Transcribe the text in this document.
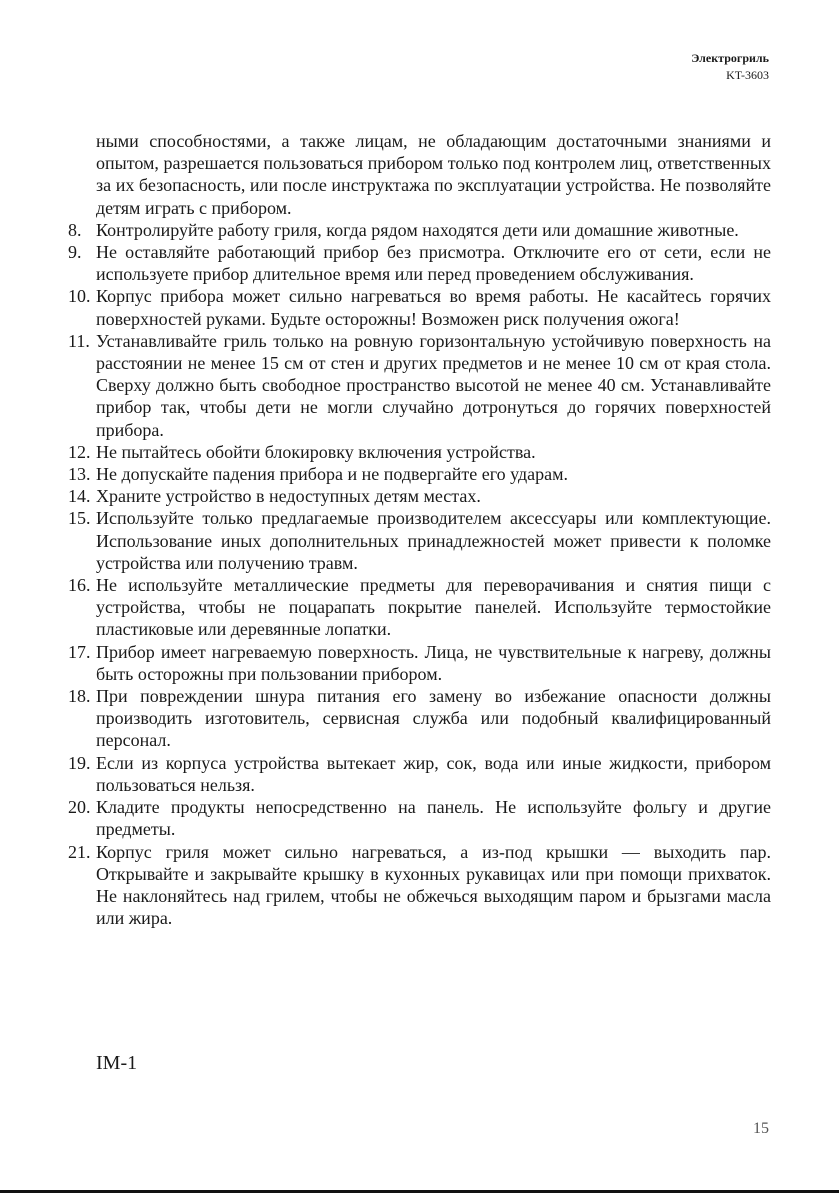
Электрогриль
KT-3603

ными способностями, а также лицам, не обладающим достаточными знаниями и опытом, разрешается пользоваться прибором только под контролем лиц, ответственных за их безопасность, или после инструктажа по эксплуатации устройства. Не позволяйте детям играть с прибором.

8. Контролируйте работу гриля, когда рядом находятся дети или домашние животные.
9. Не оставляйте работающий прибор без присмотра. Отключите его от сети, если не используете прибор длительное время или перед проведением обслуживания.
10. Корпус прибора может сильно нагреваться во время работы. Не касайтесь горячих поверхностей руками. Будьте осторожны! Возможен риск получения ожога!
11. Устанавливайте гриль только на ровную горизонтальную устойчивую поверхность на расстоянии не менее 15 см от стен и других предметов и не менее 10 см от края стола. Сверху должно быть свободное пространство высотой не менее 40 см. Устанавливайте прибор так, чтобы дети не могли случайно дотронуться до горячих поверхностей прибора.
12. Не пытайтесь обойти блокировку включения устройства.
13. Не допускайте падения прибора и не подвергайте его ударам.
14. Храните устройство в недоступных детям местах.
15. Используйте только предлагаемые производителем аксессуары или комплектующие. Использование иных дополнительных принадлежностей может привести к поломке устройства или получению травм.
16. Не используйте металлические предметы для переворачивания и снятия пищи с устройства, чтобы не поцарапать покрытие панелей. Используйте термостойкие пластиковые или деревянные лопатки.
17. Прибор имеет нагреваемую поверхность. Лица, не чувствительные к нагреву, должны быть осторожны при пользовании прибором.
18. При повреждении шнура питания его замену во избежание опасности должны производить изготовитель, сервисная служба или подобный квалифицированный персонал.
19. Если из корпуса устройства вытекает жир, сок, вода или иные жидкости, прибором пользоваться нельзя.
20. Кладите продукты непосредственно на панель. Не используйте фольгу и другие предметы.
21. Корпус гриля может сильно нагреваться, а из-под крышки — выходить пар. Открывайте и закрывайте крышку в кухонных рукавицах или при помощи прихваток. Не наклоняйтесь над грилем, чтобы не обжечься выходящим паром и брызгами масла или жира.
IM-1
15
